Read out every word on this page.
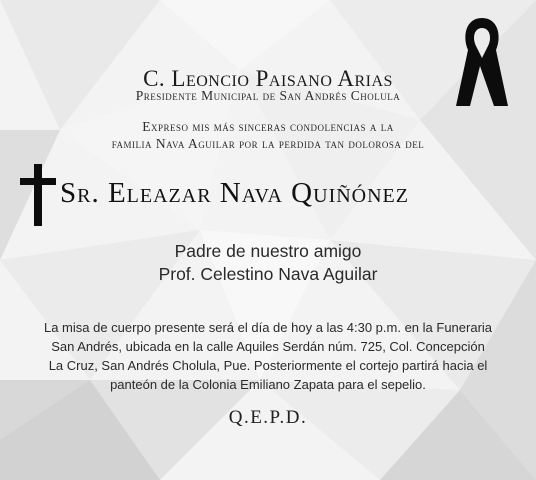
C. Leoncio Paisano Arias
Presidente Municipal de San Andrés Cholula
Expreso mis más sinceras condolencias a la
familia Nava Aguilar por la perdida tan dolorosa del
Sr. Eleazar Nava Quiñónez
Padre de nuestro amigo
Prof. Celestino Nava Aguilar
La misa de cuerpo presente será el día de hoy a las 4:30 p.m. en la Funeraria
San Andrés, ubicada en la calle Aquiles Serdán núm. 725, Col. Concepción
La Cruz, San Andrés Cholula, Pue. Posteriormente el cortejo partirá hacia el
panteón de la Colonia Emiliano Zapata para el sepelio.
Q.E.P.D.
